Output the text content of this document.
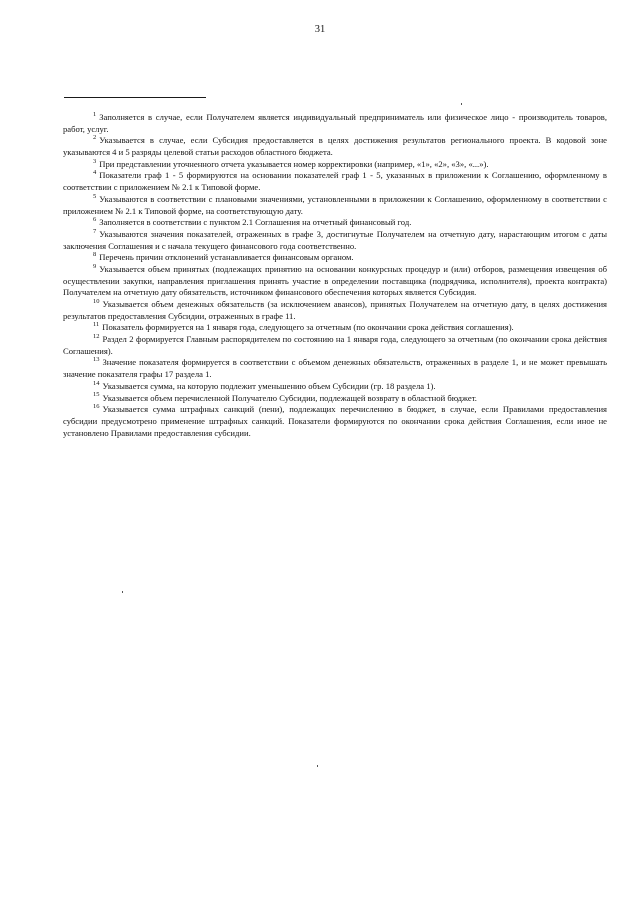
31

$^1$ Заполняется в случае, если Получателем является индивидуальный предприниматель или физическое лицо - производитель товаров, работ, услуг.

$^2$ Указывается в случае, если Субсидия предоставляется в целях достижения результатов регионального проекта. В кодовой зоне указываются 4 и 5 разряды целевой статьи расходов областного бюджета.

$^3$ При представлении уточненного отчета указывается номер корректировки (например, «1», «2», «3», «...»).

$^4$ Показатели граф 1 - 5 формируются на основании показателей граф 1 - 5, указанных в приложении к Соглашению, оформленному в соответствии с приложением № 2.1 к Типовой форме.

$^5$ Указываются в соответствии с плановыми значениями, установленными в приложении к Соглашению, оформленному в соответствии с приложением № 2.1 к Типовой форме, на соответствующую дату.

$^6$ Заполняется в соответствии с пунктом 2.1 Соглашения на отчетный финансовый год.

$^7$ Указываются значения показателей, отраженных в графе 3, достигнутые Получателем на отчетную дату, нарастающим итогом с даты заключения Соглашения и с начала текущего финансового года соответственно.

$^8$ Перечень причин отклонений устанавливается финансовым органом.

$^9$ Указывается объем принятых (подлежащих принятию на основании конкурсных процедур и (или) отборов, размещения извещения об осуществлении закупки, направления приглашения принять участие в определении поставщика (подрядчика, исполнителя), проекта контракта) Получателем на отчетную дату обязательств, источником финансового обеспечения которых является Субсидия.

$^{10}$ Указывается объем денежных обязательств (за исключением авансов), принятых Получателем на отчетную дату, в целях достижения результатов предоставления Субсидии, отраженных в графе 11.

$^{11}$ Показатель формируется на 1 января года, следующего за отчетным (по окончании срока действия соглашения).

$^{12}$ Раздел 2 формируется Главным распорядителем по состоянию на 1 января года, следующего за отчетным (по окончании срока действия Соглашения).

$^{13}$ Значение показателя формируется в соответствии с объемом денежных обязательств, отраженных в разделе 1, и не может превышать значение показателя графы 17 раздела 1.

$^{14}$ Указывается сумма, на которую подлежит уменьшению объем Субсидии (гр. 18 раздела 1).

$^{15}$ Указывается объем перечисленной Получателю Субсидии, подлежащей возврату в областной бюджет.

$^{16}$ Указывается сумма штрафных санкций (пени), подлежащих перечислению в бюджет, в случае, если Правилами предоставления субсидии предусмотрено применение штрафных санкций. Показатели формируются по окончании срока действия Соглашения, если иное не установлено Правилами предоставления субсидии.
